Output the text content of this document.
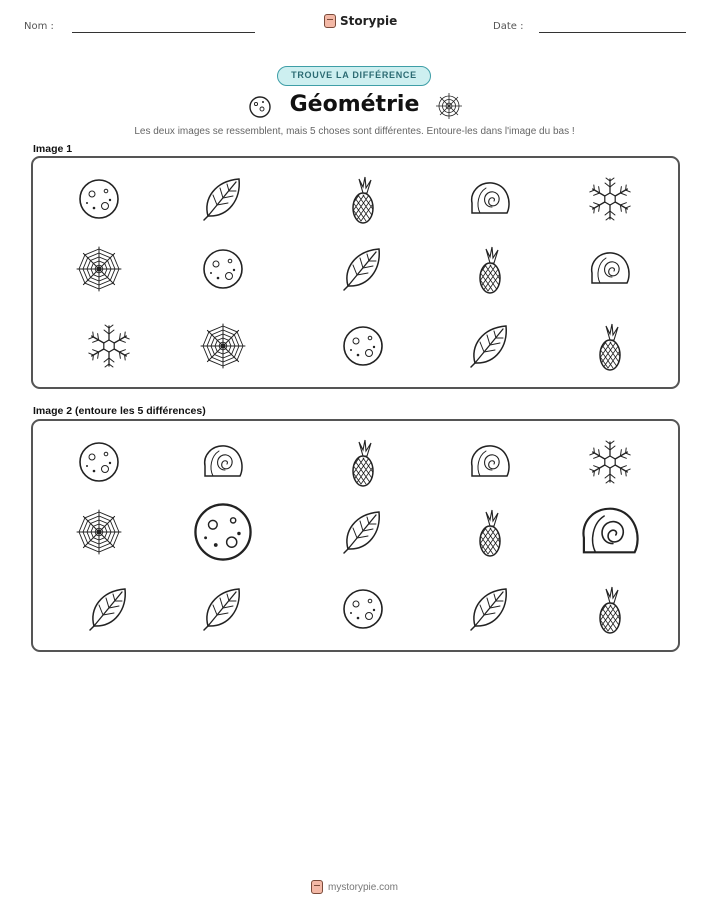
Nom :	Storypie	Date :
TROUVE LA DIFFÉRENCE
Géométrie
Les deux images se ressemblent, mais 5 choses sont différentes. Entoure-les dans l'image du bas !
Image 1
Image 2 (entoure les 5 différences)
mystorypie.com
